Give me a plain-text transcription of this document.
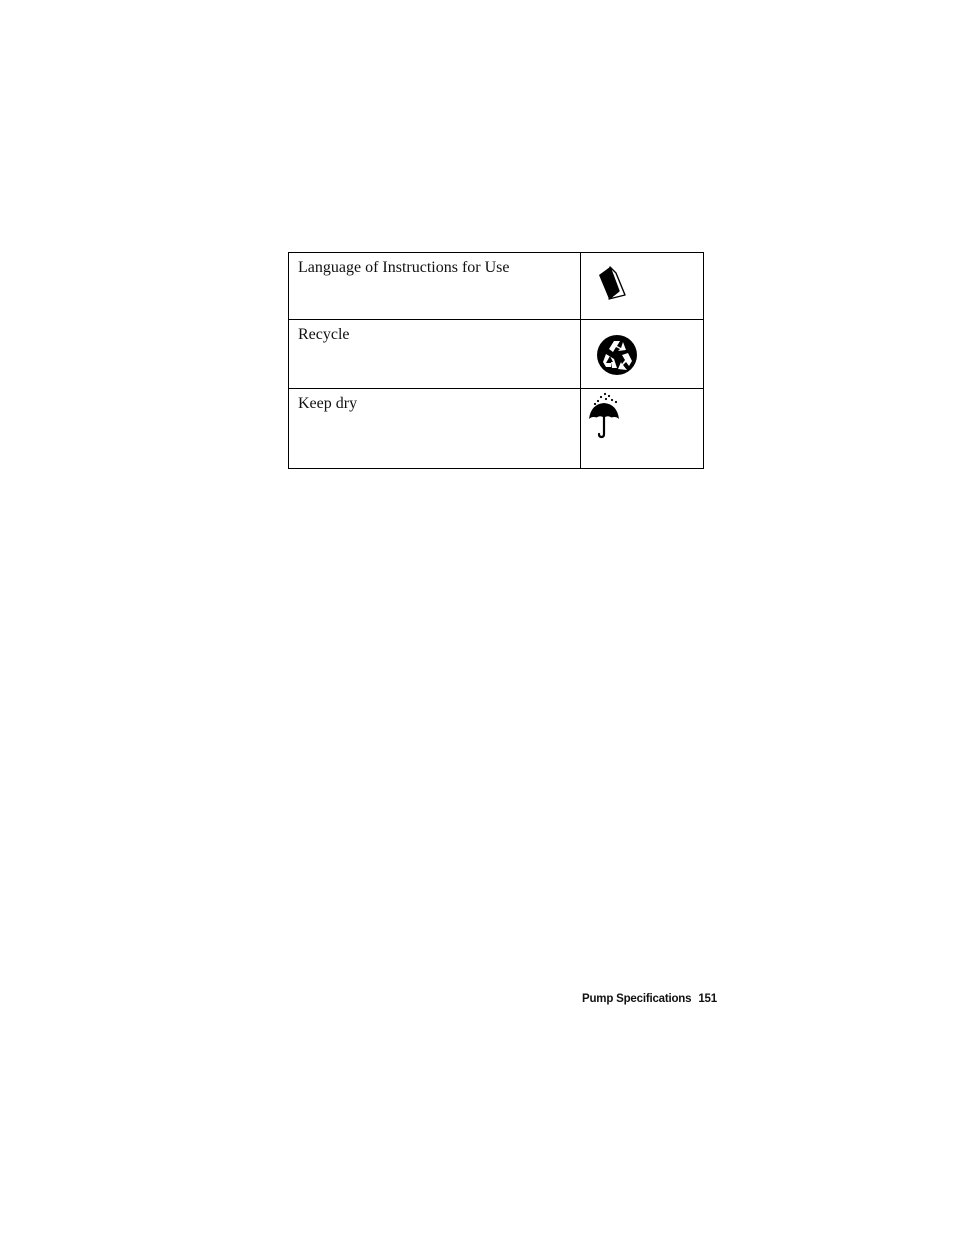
Language of Instructions for Use	

Recycle	

Keep dry	
Pump Specifications 151
